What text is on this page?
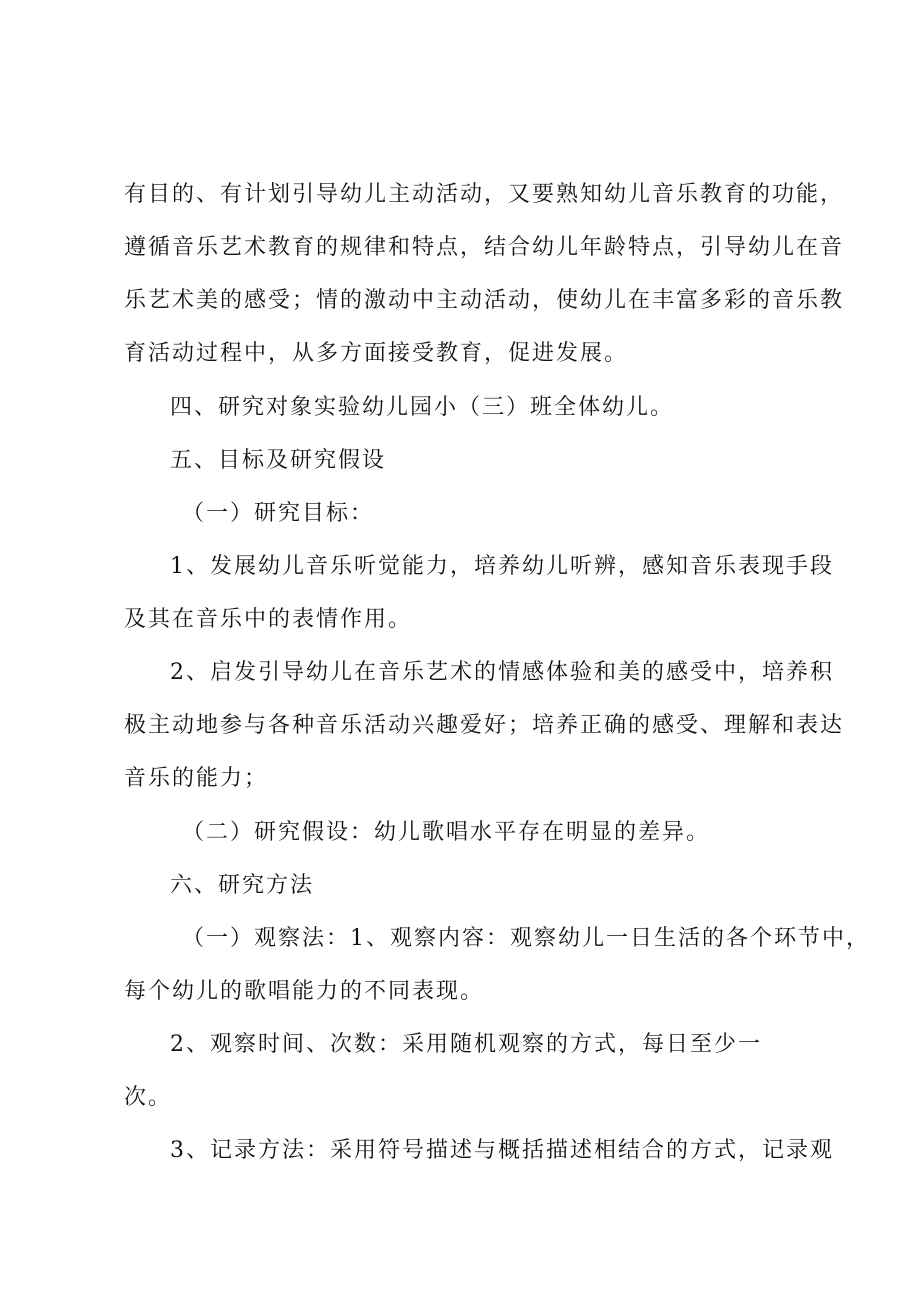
有目的、有计划引导幼儿主动活动，又要熟知幼儿音乐教育的功能，
遵循音乐艺术教育的规律和特点，结合幼儿年龄特点，引导幼儿在音
乐艺术美的感受；情的激动中主动活动，使幼儿在丰富多彩的音乐教
育活动过程中，从多方面接受教育，促进发展。
四、研究对象实验幼儿园小（三）班全体幼儿。
五、目标及研究假设
（一）研究目标：
1、发展幼儿音乐听觉能力，培养幼儿听辨，感知音乐表现手段
及其在音乐中的表情作用。
2、启发引导幼儿在音乐艺术的情感体验和美的感受中，培养积
极主动地参与各种音乐活动兴趣爱好；培养正确的感受、理解和表达
音乐的能力；
（二）研究假设：幼儿歌唱水平存在明显的差异。
六、研究方法
（一）观察法：1、观察内容：观察幼儿一日生活的各个环节中，
每个幼儿的歌唱能力的不同表现。
2、观察时间、次数：采用随机观察的方式，每日至少一
次。
3、记录方法：采用符号描述与概括描述相结合的方式，记录观
